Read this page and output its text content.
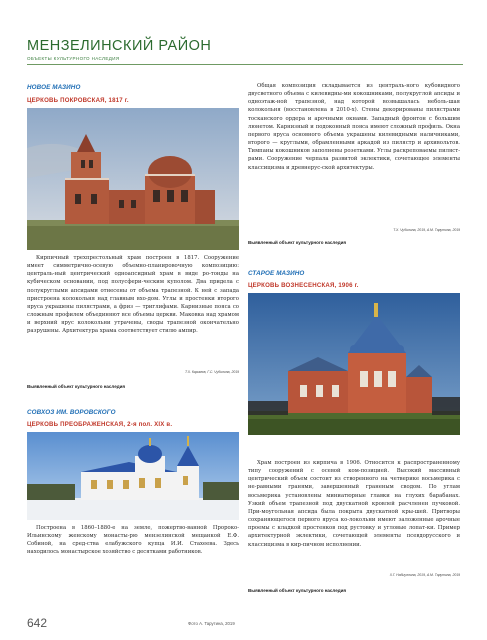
МЕНЗЕЛИНСКИЙ РАЙОН
ОБЪЕКТЫ КУЛЬТУРНОГО НАСЛЕДИЯ
НОВОЕ МАЗИНО
ЦЕРКОВЬ ПОКРОВСКАЯ, 1817 г.
Кирпичный трехпрестольный храм построен в 1817. Сооружение имеет симметрично-осевую объемно-планировочную композицию: централь-ный центрический одноапсидный храм в виде ро-тонды на кубическом основании, под полусфери-ческим куполом. Два придела с полукруглыми апсидами отнесены от объема трапезной. К ней с запада пристроена колокольня над главным вхо-дом. Углы и простенки второго яруса украшены пилястрами, а фриз — триглифами. Карнизные пояса со сложным профилем объединяют все объемы церкви. Маковка над храмом и верхний ярус колокольни утрачены, своды трапезной окончательно разрушены. Архитектура храма соответствует стилю ампир.
Т.Х. Каримов, Г.С. Чубилина, 2019
Выявленный объект культурного наследия
Общая композиция складывается из централь-ного кубовидного двусветного объема с килевидны-ми кокошниками, полукруглой апсиды и одноэтаж-ной трапезной, над которой возвышалась неболь-шая колокольня (восстановлена в 2010-х). Стены декорированы пилястрами тосканского ордера и арочными окнами. Западный фронтон с большим люнетом. Карнизный и подоконный пояса имеют сложный профиль. Окна первого яруса основного объема украшены килевидными наличниками, второго — круглыми, обрамленными аркадой из пилястр и архивольтов. Тимпаны кокошников заполнены розетками. Углы раскреповаемы пиляст-рами. Сооружение черпала развитой эклектики, сочетающее элементы классицизма и древнерус-ской архитектуры.
Т.Х. Чубилина, 2019, А.М. Тарутина, 2019
Выявленный объект культурного наследия
СТАРОЕ МАЗИНО
ЦЕРКОВЬ ВОЗНЕСЕНСКАЯ, 1906 г.
Храм построен из кирпича в 1906. Относится к распространенному типу сооружений с осевой ком-позицией. Высокий массивный центрический объем состоит из створенного на четверике восьмерика с не-равными гранями, завершенный граненым сводом. По углам восьмерика установлены миниатюрные главки на глухих барабанах. Узкий объем трапезной под двускатной кровлей расчленен пучковой. При-моугольная апсида была покрыта двускатной кры-шей. Притворы сохраняющегося первого яруса ко-локольни имеют заложенные арочные проемы с кладкой простенков под рустовку и угловые лопат-ки. Пример архитектурной эклектики, сочетающей элементы псевдорусского и классицизма в кир-пичном исполнении.
Х.Г. Набиуллина, 2019, А.М. Тарутина, 2019
Выявленный объект культурного наследия
СОВХОЗ ИМ. ВОРОВСКОГО
ЦЕРКОВЬ ПРЕОБРАЖЕНСКАЯ, 2-я пол. XIX в.
Построена в 1860–1880-е на земле, пожертво-ванной Пророко-Ильинскому женскому монасты-рю мензелинской мещанкой Е.Ф. Собиной, на сред-ства елабужского купца И.И. Стахеева. Здесь находилось монастырское хозяйство с десятками работников.
642	Фото А. Тарутина, 2019
